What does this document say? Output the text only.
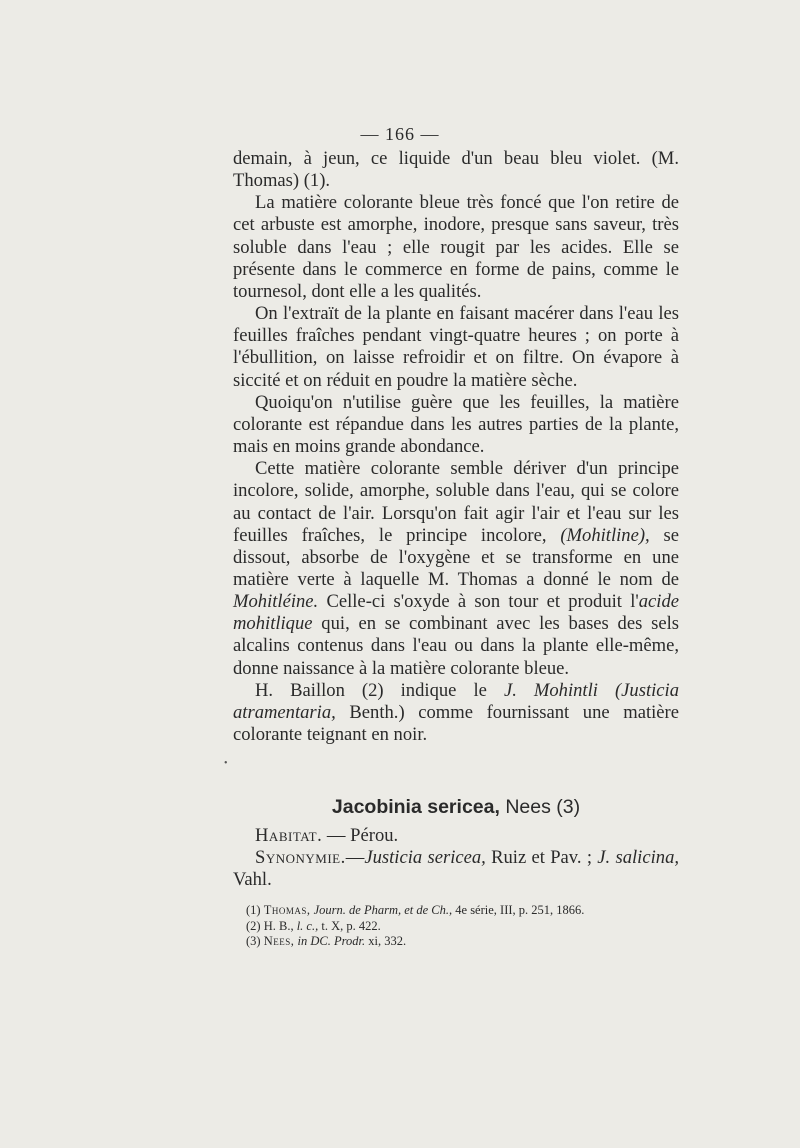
— 166 —

demain, à jeun, ce liquide d'un beau bleu violet. (M. Thomas) (1).

La matière colorante bleue très foncé que l'on retire de cet arbuste est amorphe, inodore, presque sans saveur, très soluble dans l'eau ; elle rougit par les acides. Elle se présente dans le commerce en forme de pains, comme le tournesol, dont elle a les qualités.

On l'extraït de la plante en faisant macérer dans l'eau les feuilles fraîches pendant vingt-quatre heures ; on porte à l'ébullition, on laisse refroidir et on filtre. On évapore à siccité et on réduit en poudre la matière sèche.

Quoiqu'on n'utilise guère que les feuilles, la matière colorante est répandue dans les autres parties de la plante, mais en moins grande abondance.

Cette matière colorante semble dériver d'un principe incolore, solide, amorphe, soluble dans l'eau, qui se colore au contact de l'air. Lorsqu'on fait agir l'air et l'eau sur les feuilles fraîches, le principe incolore, (Mohitline), se dissout, absorbe de l'oxygène et se transforme en une matière verte à laquelle M. Thomas a donné le nom de Mohitléine. Celle-ci s'oxyde à son tour et produit l'acide mohitlique qui, en se combinant avec les bases des sels alcalins contenus dans l'eau ou dans la plante elle-même, donne naissance à la matière colorante bleue.

H. Baillon (2) indique le J. Mohintli (Justicia atramentaria, Benth.) comme fournissant une matière colorante teignant en noir.

•
Jacobinia sericea, Nees (3)

Habitat. — Pérou.

Synonymie.—Justicia sericea, Ruiz et Pav. ; J. salicina, Vahl.

(1) Thomas, Journ. de Pharm, et de Ch., 4e série, III, p. 251, 1866.

(2) H. B., l. c., t. X, p. 422.

(3) Nees, in DC. Prodr. xi, 332.
